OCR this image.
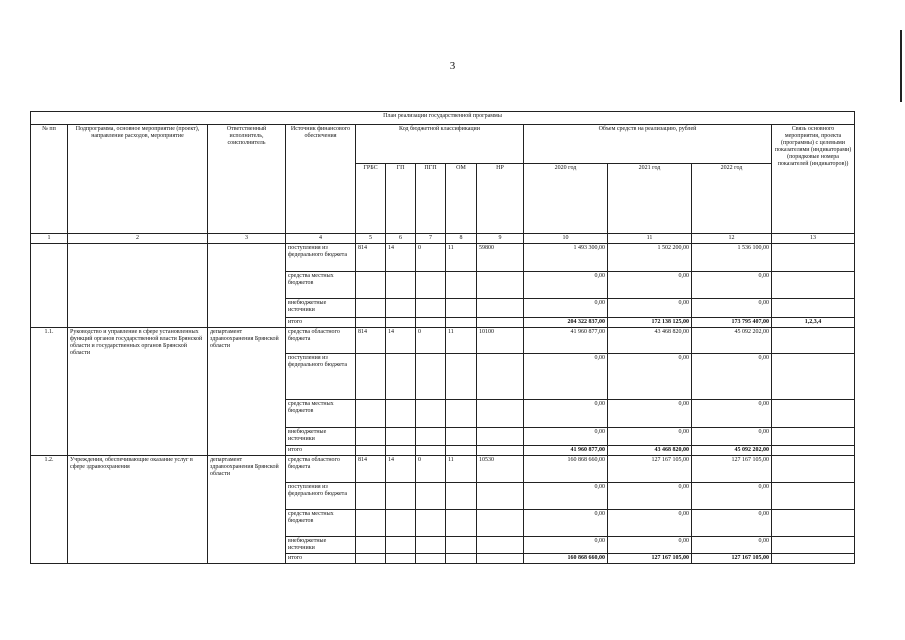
3
План реализации государственной программы												
№ пп	Подпрограмма, основное мероприятие (проект), направление расходов, мероприятие	Ответственный исполнитель, соисполнитель	Источник финансового обеспечения	Код бюджетной классификации					Объем средств на реализацию, рублей			Связь основного мероприятия, проекта (программы) с целевыми показателями (индикаторами) (порядковые номера показателей (индикаторов))
				ГРБС	ГП	ПГП	ОМ	НР	2020 год	2021 год	2022 год	
1	2	3	4	5	6	7	8	9	10	11	12	13
			поступления из федерального бюджета	814	14	0	11	59800	1 493 300,00	1 502 200,00	1 536 100,00	
			средства местных бюджетов						0,00	0,00	0,00	
			внебюджетные источники						0,00	0,00	0,00	
			итого						204 322 837,00	172 138 125,00	173 795 407,00	1,2,3,4
1.1.	Руководство и управление в сфере установленных функций органов государственной власти Брянской области и государственных органов Брянской области	департамент здравоохранения Брянской области	средства областного бюджета	814	14	0	11	10100	41 960 877,00	43 468 820,00	45 092 202,00	
			поступления из федерального бюджета						0,00	0,00	0,00	
			средства местных бюджетов						0,00	0,00	0,00	
			внебюджетные источники						0,00	0,00	0,00	
			итого						41 960 877,00	43 468 820,00	45 092 202,00	
1.2.	Учреждения, обеспечивающие оказание услуг в сфере здравоохранения	департамент здравоохранения Брянской области	средства областного бюджета	814	14	0	11	10530	160 868 660,00	127 167 105,00	127 167 105,00	
			поступления из федерального бюджета						0,00	0,00	0,00	
			средства местных бюджетов						0,00	0,00	0,00	
			внебюджетные источники						0,00	0,00	0,00	
			итого						160 868 660,00	127 167 105,00	127 167 105,00	
